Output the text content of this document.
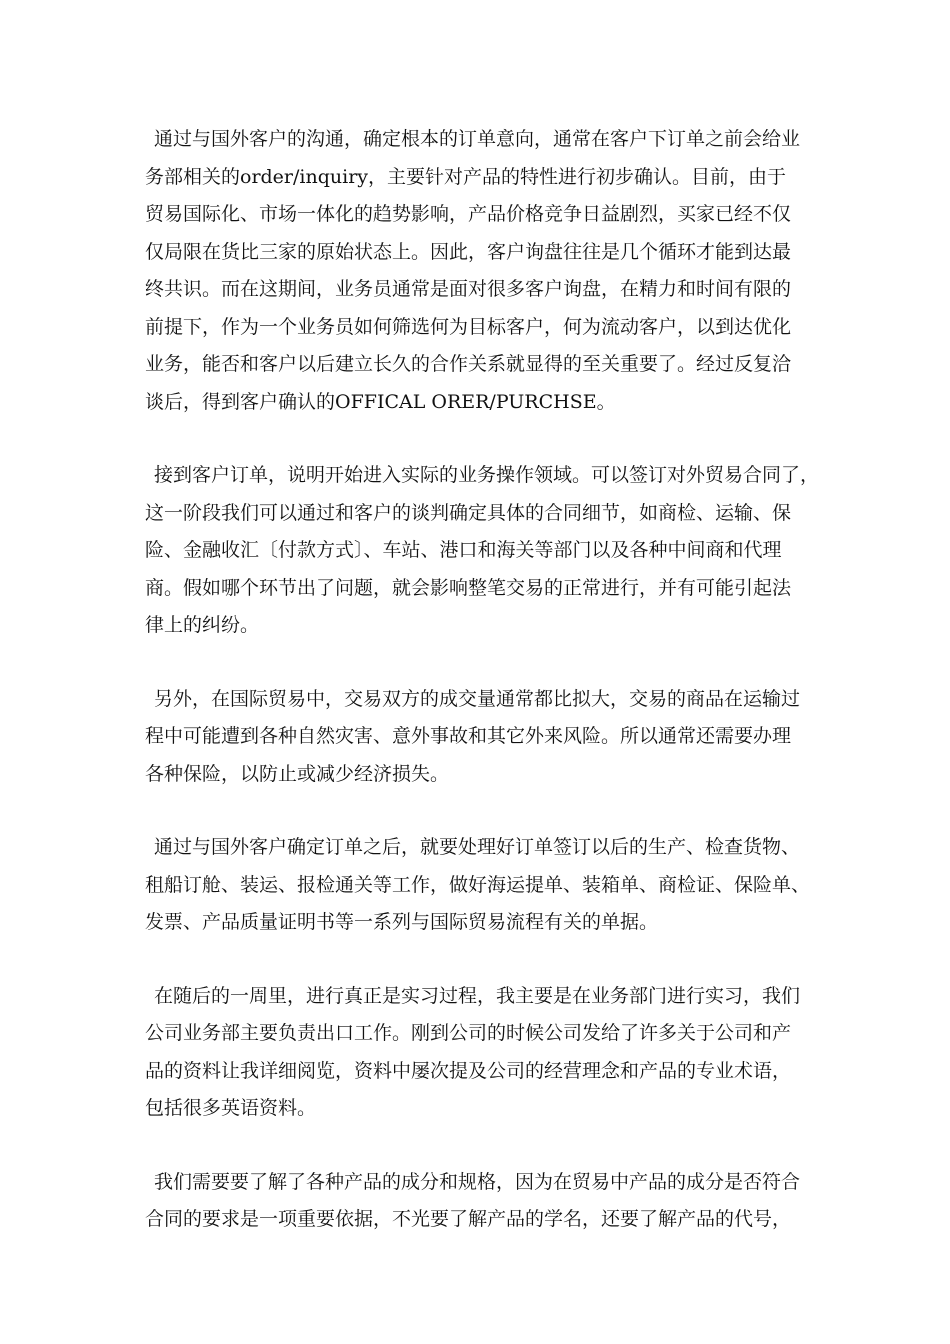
通过与国外客户的沟通，确定根本的订单意向，通常在客户下订单之前会给业
务部相关的order/inquiry，主要针对产品的特性进行初步确认。目前，由于
贸易国际化、市场一体化的趋势影响，产品价格竞争日益剧烈，买家已经不仅
仅局限在货比三家的原始状态上。因此，客户询盘往往是几个循环才能到达最
终共识。而在这期间，业务员通常是面对很多客户询盘，在精力和时间有限的
前提下，作为一个业务员如何筛选何为目标客户，何为流动客户，以到达优化
业务，能否和客户以后建立长久的合作关系就显得的至关重要了。经过反复洽
谈后，得到客户确认的OFFICAL ORER/PURCHSE。
接到客户订单，说明开始进入实际的业务操作领域。可以签订对外贸易合同了，
这一阶段我们可以通过和客户的谈判确定具体的合同细节，如商检、运输、保
险、金融收汇〔付款方式〕、车站、港口和海关等部门以及各种中间商和代理
商。假如哪个环节出了问题，就会影响整笔交易的正常进行，并有可能引起法
律上的纠纷。
另外，在国际贸易中，交易双方的成交量通常都比拟大，交易的商品在运输过
程中可能遭到各种自然灾害、意外事故和其它外来风险。所以通常还需要办理
各种保险，以防止或减少经济损失。
通过与国外客户确定订单之后，就要处理好订单签订以后的生产、检查货物、
租船订舱、装运、报检通关等工作，做好海运提单、装箱单、商检证、保险单、
发票、产品质量证明书等一系列与国际贸易流程有关的单据。
在随后的一周里，进行真正是实习过程，我主要是在业务部门进行实习，我们
公司业务部主要负责出口工作。刚到公司的时候公司发给了许多关于公司和产
品的资料让我详细阅览，资料中屡次提及公司的经营理念和产品的专业术语，
包括很多英语资料。
我们需要要了解了各种产品的成分和规格，因为在贸易中产品的成分是否符合
合同的要求是一项重要依据，不光要了解产品的学名，还要了解产品的代号，
